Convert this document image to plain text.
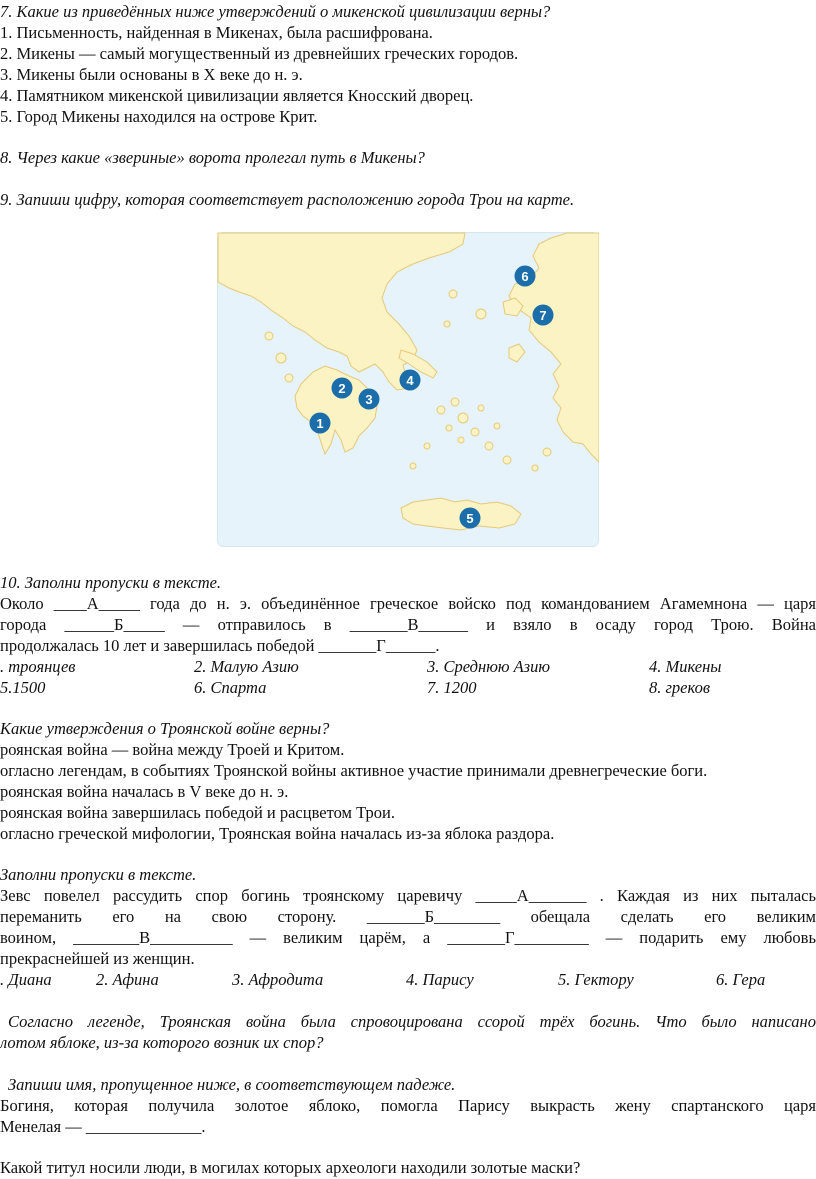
7. Какие из приведённых ниже утверждений о микенской цивилизации верны?
1. Письменность, найденная в Микенах, была расшифрована.
2. Микены — самый могущественный из древнейших греческих городов.
3. Микены были основаны в X веке до н. э.
4. Памятником микенской цивилизации является Кносский дворец.
5. Город Микены находился на острове Крит.
8. Через какие «звериные» ворота пролегал путь в Микены?
9. Запиши цифру, которая соответствует расположению города Трои на карте.
1
2
3
4
5
6
7
10. Заполни пропуски в тексте.
Около ____А_____ года до н. э. объединённое греческое войско под командованием Агамемнона — царя
города ______Б_____ — отправилось в _______В______ и взяло в осаду город Трою. Война
продолжалась 10 лет и завершилась победой _______Г______.
. троянцев	2. Малую Азию	3. Среднюю Азию	4. Микены
5.1500	6. Спарта	7. 1200	8. греков
Какие утверждения о Троянской войне верны?
роянская война — война между Троей и Критом.
огласно легендам, в событиях Троянской войны активное участие принимали древнегреческие боги.
роянская война началась в V веке до н. э.
роянская война завершилась победой и расцветом Трои.
огласно греческой мифологии, Троянская война началась из-за яблока раздора.
Заполни пропуски в тексте.
Зевс повелел рассудить спор богинь троянскому царевичу _____А_______ . Каждая из них пыталась
переманить его на свою сторону. _______Б________ обещала сделать его великим
воином, ________В__________ — великим царём, а _______Г_________ — подарить ему любовь
прекраснейшей из женщин.
. Диана	2. Афина	3. Афродита	4. Парису	5. Гектору	6. Гера
Согласно легенде, Троянская война была спровоцирована ссорой трёх богинь. Что было написано
лотом яблоке, из-за которого возник их спор?
Запиши имя, пропущенное ниже, в соответствующем падеже.
Богиня, которая получила золотое яблоко, помогла Парису выкрасть жену спартанского царя
Менелая — ______________.
Какой титул носили люди, в могилах которых археологи находили золотые маски?
